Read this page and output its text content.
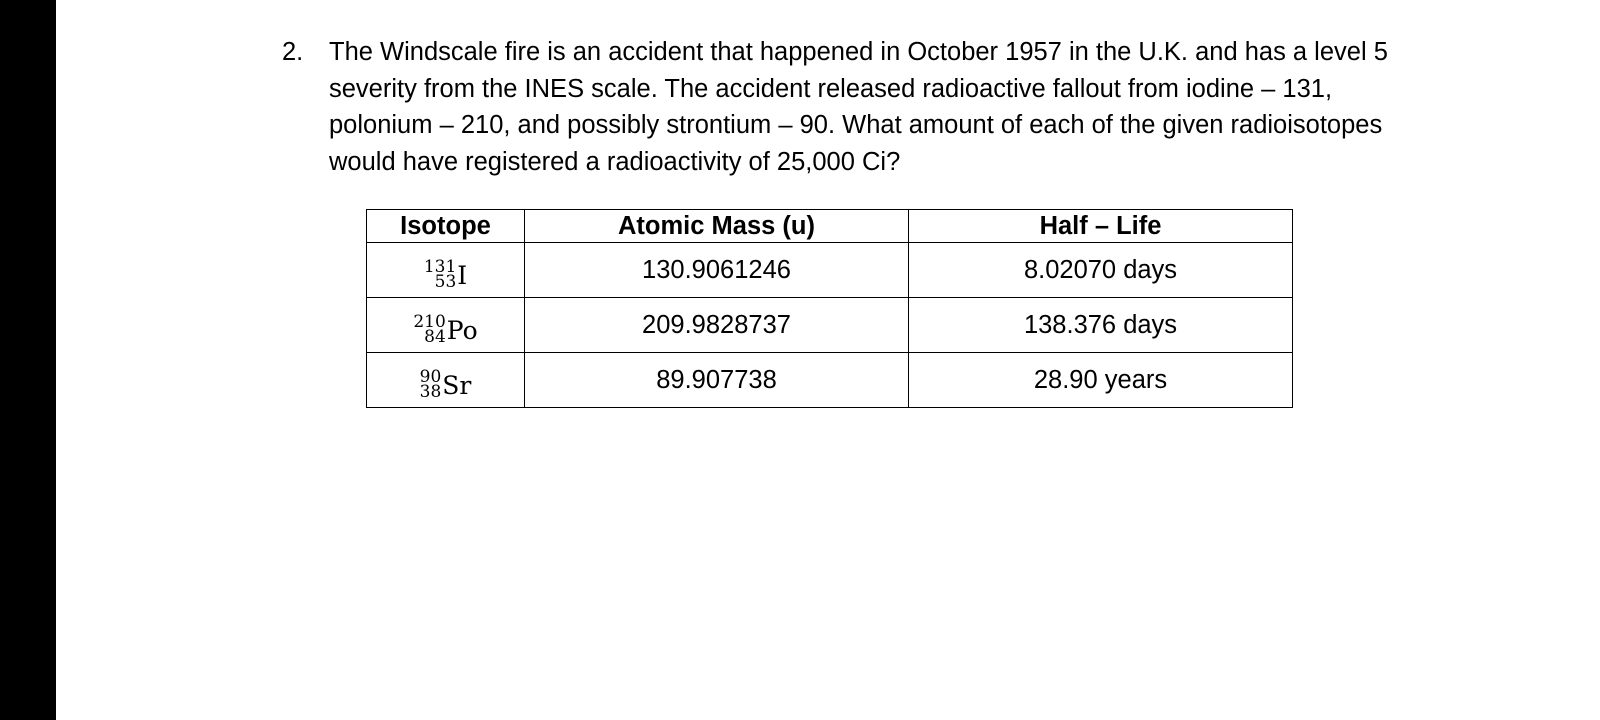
2. The Windscale fire is an accident that happened in October 1957 in the U.K. and has a level 5 severity from the INES scale. The accident released radioactive fallout from iodine – 131, polonium – 210, and possibly strontium – 90. What amount of each of the given radioisotopes would have registered a radioactivity of 25,000 Ci?
Isotope	Atomic Mass (u)	Half – Life

131
53 I	130.9061246	8.02070 days

210
84 Po	209.9828737	138.376 days

90
38 Sr	89.907738	28.90 years
